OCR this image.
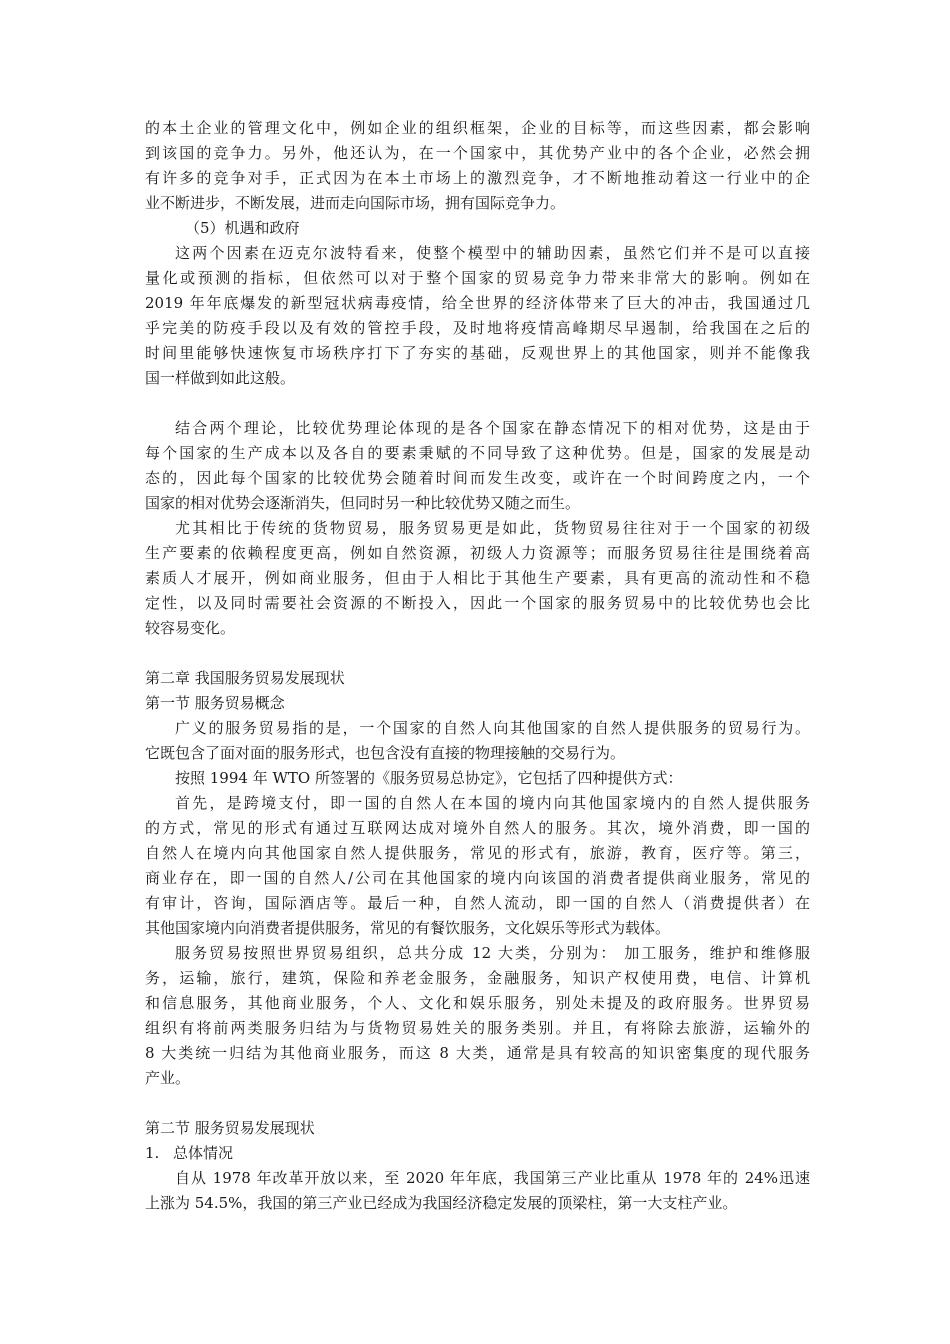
的本土企业的管理文化中，例如企业的组织框架，企业的目标等，而这些因素，都会影响
到该国的竞争力。另外，他还认为，在一个国家中，其优势产业中的各个企业，必然会拥
有许多的竞争对手，正式因为在本土市场上的激烈竞争，才不断地推动着这一行业中的企
业不断进步，不断发展，进而走向国际市场，拥有国际竞争力。
（5）机遇和政府
这两个因素在迈克尔波特看来，使整个模型中的辅助因素，虽然它们并不是可以直接
量化或预测的指标，但依然可以对于整个国家的贸易竞争力带来非常大的影响。例如在
2019 年年底爆发的新型冠状病毒疫情，给全世界的经济体带来了巨大的冲击，我国通过几
乎完美的防疫手段以及有效的管控手段，及时地将疫情高峰期尽早遏制，给我国在之后的
时间里能够快速恢复市场秩序打下了夯实的基础，反观世界上的其他国家，则并不能像我
国一样做到如此这般。
结合两个理论，比较优势理论体现的是各个国家在静态情况下的相对优势，这是由于
每个国家的生产成本以及各自的要素秉赋的不同导致了这种优势。但是，国家的发展是动
态的，因此每个国家的比较优势会随着时间而发生改变，或许在一个时间跨度之内，一个
国家的相对优势会逐渐消失，但同时另一种比较优势又随之而生。
尤其相比于传统的货物贸易，服务贸易更是如此，货物贸易往往对于一个国家的初级
生产要素的依赖程度更高，例如自然资源，初级人力资源等；而服务贸易往往是围绕着高
素质人才展开，例如商业服务，但由于人相比于其他生产要素，具有更高的流动性和不稳
定性，以及同时需要社会资源的不断投入，因此一个国家的服务贸易中的比较优势也会比
较容易变化。
第二章 我国服务贸易发展现状
第一节 服务贸易概念
广义的服务贸易指的是，一个国家的自然人向其他国家的自然人提供服务的贸易行为。
它既包含了面对面的服务形式，也包含没有直接的物理接触的交易行为。
按照 1994 年 WTO 所签署的《服务贸易总协定》，它包括了四种提供方式：
首先，是跨境支付，即一国的自然人在本国的境内向其他国家境内的自然人提供服务
的方式，常见的形式有通过互联网达成对境外自然人的服务。其次，境外消费，即一国的
自然人在境内向其他国家自然人提供服务，常见的形式有，旅游，教育，医疗等。第三，
商业存在，即一国的自然人/公司在其他国家的境内向该国的消费者提供商业服务，常见的
有审计，咨询，国际酒店等。最后一种，自然人流动，即一国的自然人（消费提供者）在
其他国家境内向消费者提供服务，常见的有餐饮服务，文化娱乐等形式为载体。
服务贸易按照世界贸易组织，总共分成 12 大类，分别为： 加工服务，维护和维修服
务，运输，旅行，建筑，保险和养老金服务，金融服务，知识产权使用费，电信、计算机
和信息服务，其他商业服务，个人、文化和娱乐服务，别处未提及的政府服务。世界贸易
组织有将前两类服务归结为与货物贸易姓关的服务类别。并且，有将除去旅游，运输外的
8 大类统一归结为其他商业服务，而这 8 大类，通常是具有较高的知识密集度的现代服务
产业。
第二节 服务贸易发展现状
1. 总体情况
自从 1978 年改革开放以来，至 2020 年年底，我国第三产业比重从 1978 年的 24%迅速
上涨为 54.5%，我国的第三产业已经成为我国经济稳定发展的顶梁柱，第一大支柱产业。
